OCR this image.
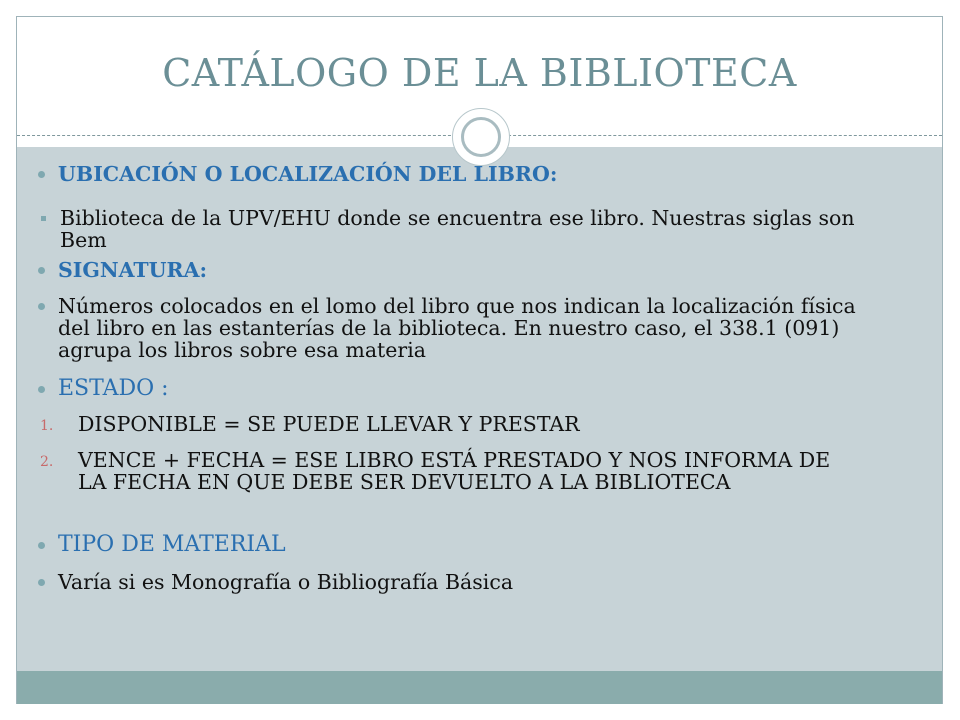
CATÁLOGO DE LA BIBLIOTECA
UBICACIÓN O LOCALIZACIÓN DEL LIBRO:
Biblioteca de la UPV/EHU donde se encuentra ese libro. Nuestras siglas son Bem
SIGNATURA:
Números colocados en el lomo del libro que nos indican la localización física del libro en las estanterías de la biblioteca. En nuestro caso, el 338.1 (091) agrupa los libros sobre esa materia
ESTADO :
1. DISPONIBLE = SE PUEDE LLEVAR Y PRESTAR
2. VENCE + FECHA = ESE LIBRO ESTÁ PRESTADO Y NOS INFORMA DE LA FECHA EN QUE DEBE SER DEVUELTO A LA BIBLIOTECA
TIPO DE MATERIAL
Varía si es Monografía o Bibliografía Básica
